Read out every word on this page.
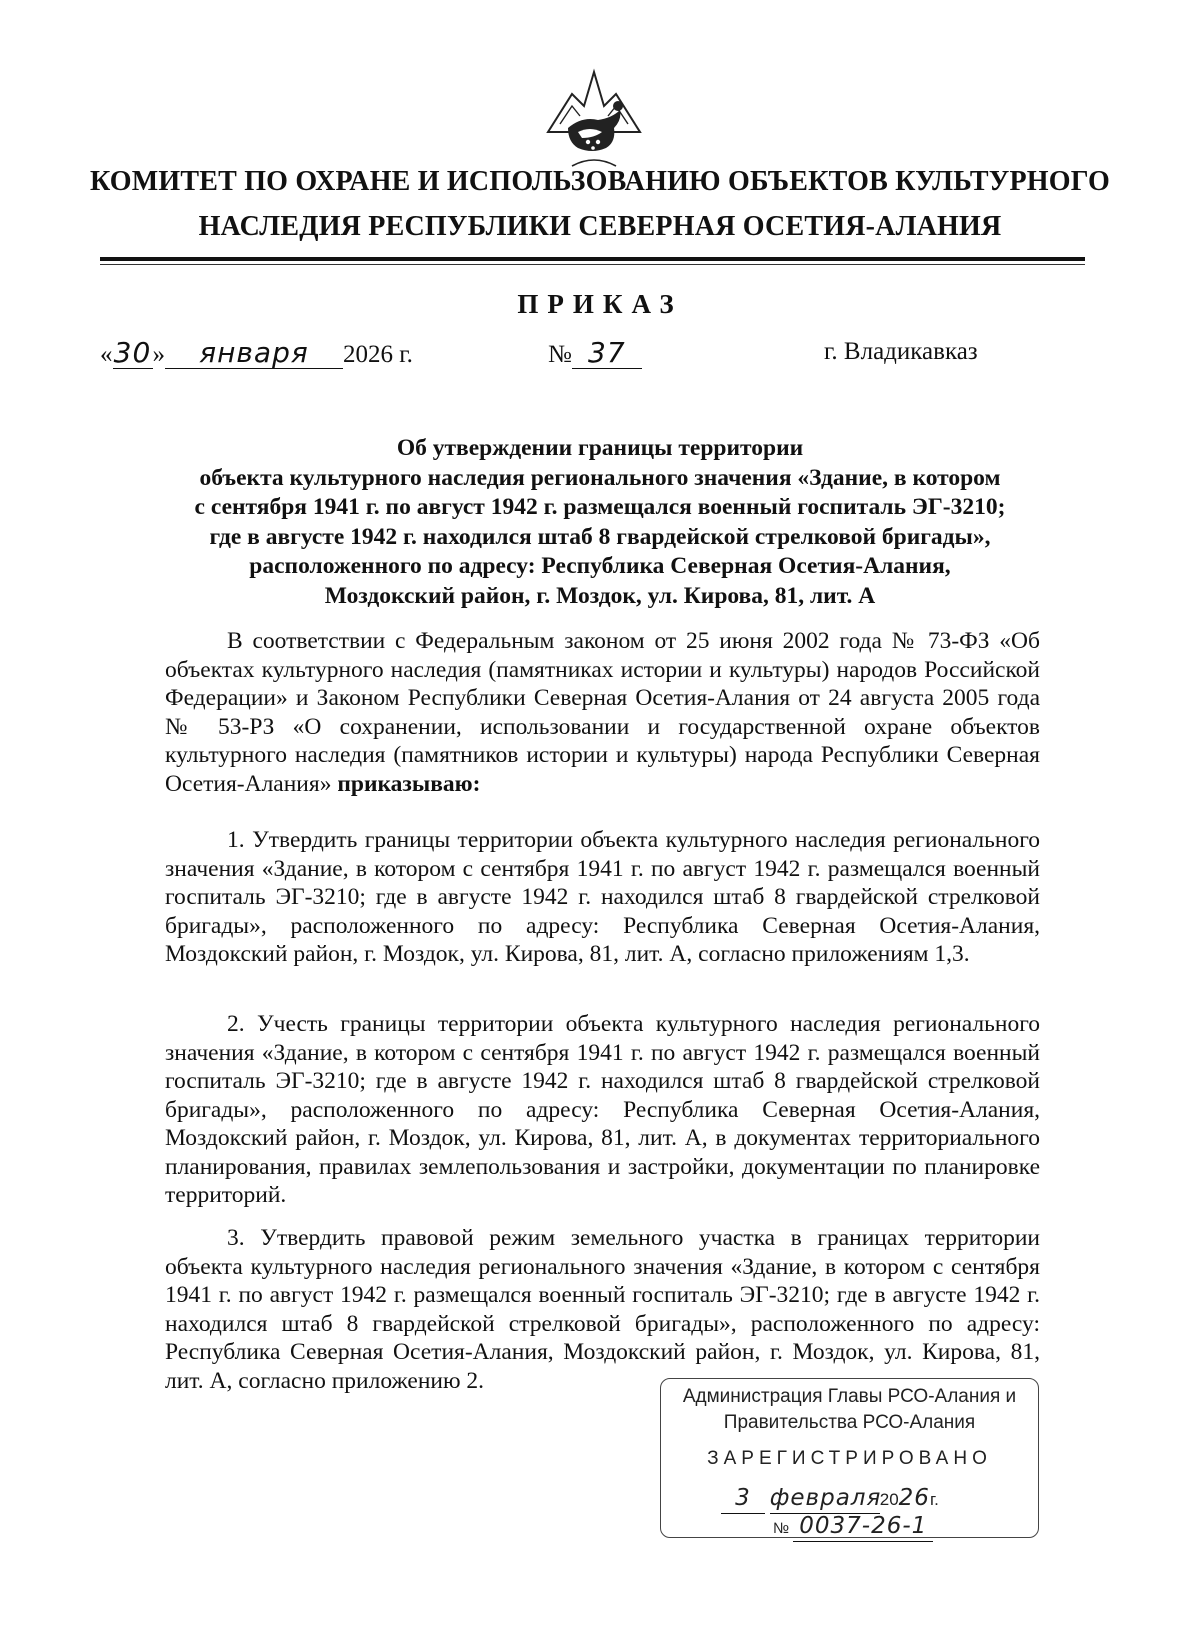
КОМИТЕТ ПО ОХРАНЕ И ИСПОЛЬЗОВАНИЮ ОБЪЕКТОВ КУЛЬТУРНОГО
НАСЛЕДИЯ РЕСПУБЛИКИ СЕВЕРНАЯ ОСЕТИЯ-АЛАНИЯ
ПРИКАЗ
«30» января 2026 г.	№ 37	г. Владикавказ
Об утверждении границы территории
объекта культурного наследия регионального значения «Здание, в котором
с сентября 1941 г. по август 1942 г. размещался военный госпиталь ЭГ-3210;
где в августе 1942 г. находился штаб 8 гвардейской стрелковой бригады»,
расположенного по адресу: Республика Северная Осетия-Алания,
Моздокский район, г. Моздок, ул. Кирова, 81, лит. А
В соответствии с Федеральным законом от 25 июня 2002 года № 73-ФЗ «Об объектах культурного наследия (памятниках истории и культуры) народов Российской Федерации» и Законом Республики Северная Осетия-Алания от 24 августа 2005 года № 53-РЗ «О сохранении, использовании и государственной охране объектов культурного наследия (памятников истории и культуры) народа Республики Северная Осетия-Алания» приказываю:
1. Утвердить границы территории объекта культурного наследия регионального значения «Здание, в котором с сентября 1941 г. по август 1942 г. размещался военный госпиталь ЭГ-3210; где в августе 1942 г. находился штаб 8 гвардейской стрелковой бригады», расположенного по адресу: Республика Северная Осетия-Алания, Моздокский район, г. Моздок, ул. Кирова, 81, лит. А, согласно приложениям 1,3.
2. Учесть границы территории объекта культурного наследия регионального значения «Здание, в котором с сентября 1941 г. по август 1942 г. размещался военный госпиталь ЭГ-3210; где в августе 1942 г. находился штаб 8 гвардейской стрелковой бригады», расположенного по адресу: Республика Северная Осетия-Алания, Моздокский район, г. Моздок, ул. Кирова, 81, лит. А, в документах территориального планирования, правилах землепользования и застройки, документации по планировке территорий.
3. Утвердить правовой режим земельного участка в границах территории объекта культурного наследия регионального значения «Здание, в котором с сентября 1941 г. по август 1942 г. размещался военный госпиталь ЭГ-3210; где в августе 1942 г. находился штаб 8 гвардейской стрелковой бригады», расположенного по адресу: Республика Северная Осетия-Алания, Моздокский район, г. Моздок, ул. Кирова, 81, лит. А, согласно приложению 2.
Администрация Главы РСО-Алания и
Правительства РСО-Алания
ЗАРЕГИСТРИРОВАНО
3 февраля2026г.
№ 0037-26-1
